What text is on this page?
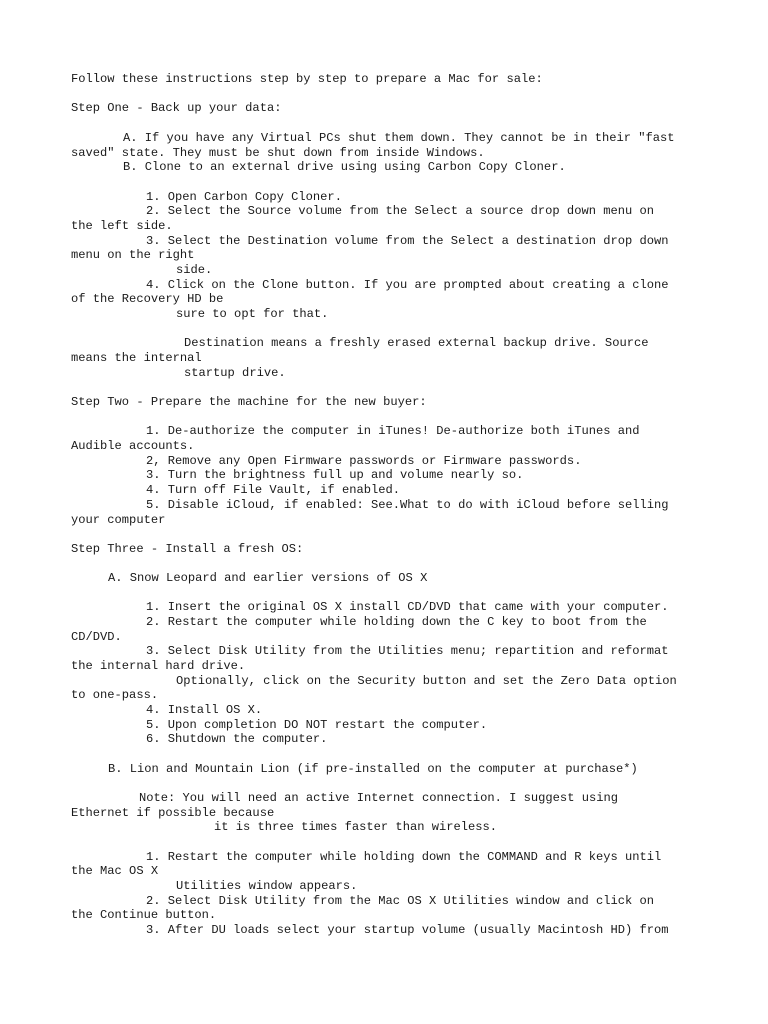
Follow these instructions step by step to prepare a Mac for sale:

Step One - Back up your data:

A. If you have any Virtual PCs shut them down. They cannot be in their "fast

saved" state. They must be shut down from inside Windows.

B. Clone to an external drive using using Carbon Copy Cloner.

1. Open Carbon Copy Cloner.

2. Select the Source volume from the Select a source drop down menu on

the left side.

3. Select the Destination volume from the Select a destination drop down

menu on the right

side.

4. Click on the Clone button. If you are prompted about creating a clone

of the Recovery HD be

sure to opt for that.

Destination means a freshly erased external backup drive. Source

means the internal

startup drive.

Step Two - Prepare the machine for the new buyer:

1. De-authorize the computer in iTunes! De-authorize both iTunes and

Audible accounts.

2, Remove any Open Firmware passwords or Firmware passwords.

3. Turn the brightness full up and volume nearly so.

4. Turn off File Vault, if enabled.

5. Disable iCloud, if enabled: See.What to do with iCloud before selling

your computer

Step Three - Install a fresh OS:

A. Snow Leopard and earlier versions of OS X

1. Insert the original OS X install CD/DVD that came with your computer.

2. Restart the computer while holding down the C key to boot from the

CD/DVD.

3. Select Disk Utility from the Utilities menu; repartition and reformat

the internal hard drive.

Optionally, click on the Security button and set the Zero Data option

to one-pass.

4. Install OS X.

5. Upon completion DO NOT restart the computer.

6. Shutdown the computer.

B. Lion and Mountain Lion (if pre-installed on the computer at purchase*)

Note: You will need an active Internet connection. I suggest using

Ethernet if possible because

it is three times faster than wireless.

1. Restart the computer while holding down the COMMAND and R keys until

the Mac OS X

Utilities window appears.

2. Select Disk Utility from the Mac OS X Utilities window and click on

the Continue button.

3. After DU loads select your startup volume (usually Macintosh HD) from
